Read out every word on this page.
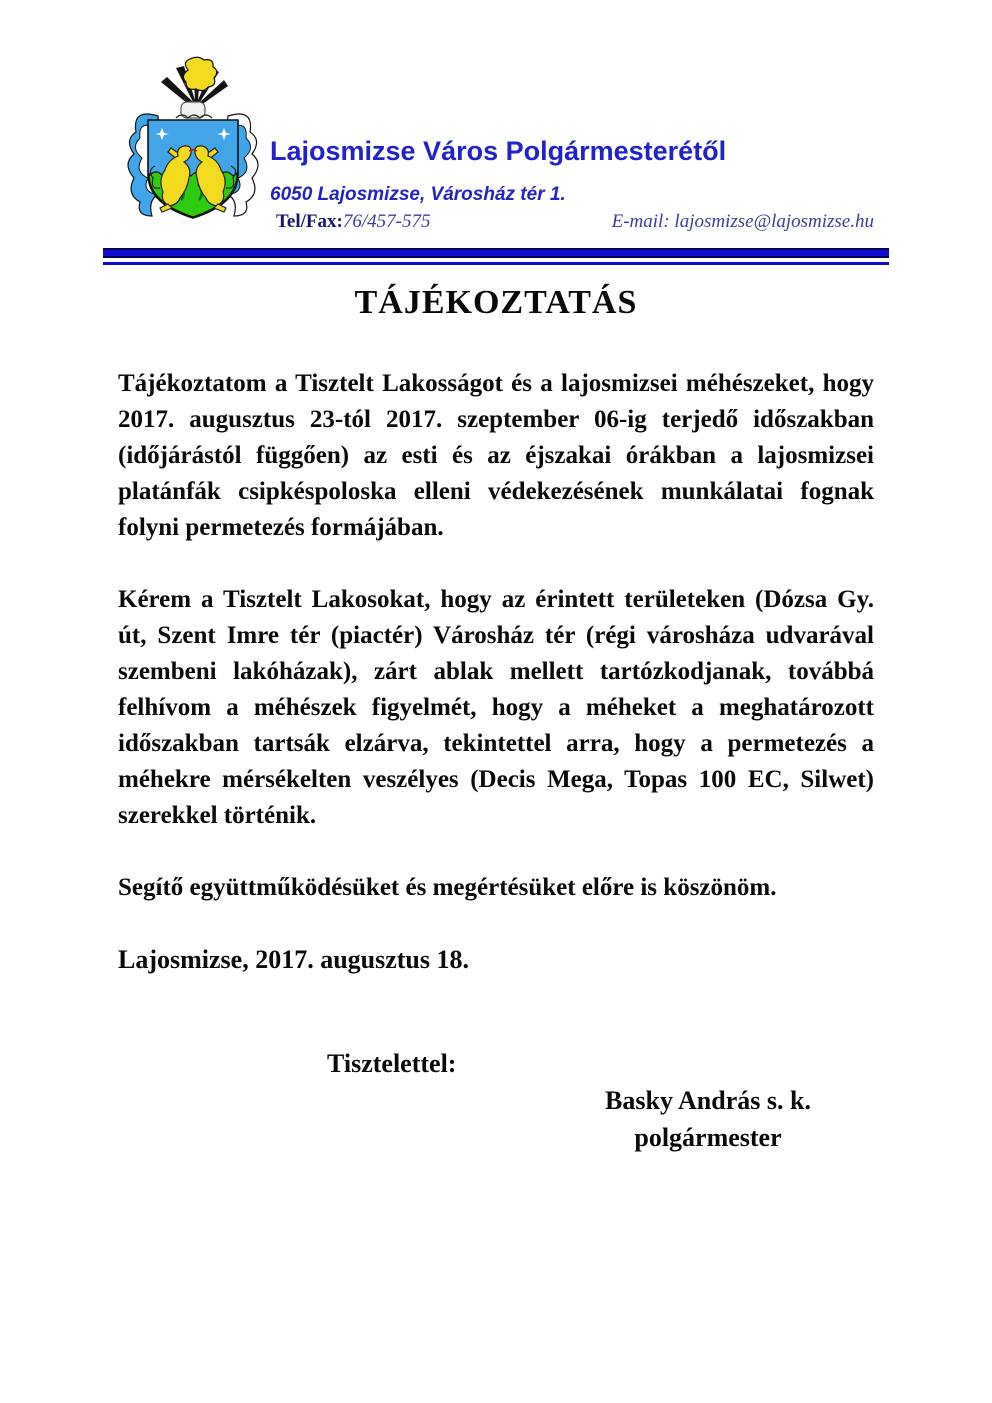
Lajosmizse Város Polgármesterétől
6050 Lajosmizse, Városház tér 1.
Tel/Fax:76/457-575	E-mail: lajosmizse@lajosmizse.hu
TÁJÉKOZTATÁS

Tájékoztatom a Tisztelt Lakosságot és a lajosmizsei méhészeket, hogy 2017. augusztus 23-tól 2017. szeptember 06-ig terjedő időszakban (időjárástól függően) az esti és az éjszakai órákban a lajosmizsei platánfák csipkéspoloska elleni védekezésének munkálatai fognak folyni permetezés formájában.

Kérem a Tisztelt Lakosokat, hogy az érintett területeken (Dózsa Gy. út, Szent Imre tér (piactér) Városház tér (régi városháza udvarával szembeni lakóházak), zárt ablak mellett tartózkodjanak, továbbá felhívom a méhészek figyelmét, hogy a méheket a meghatározott időszakban tartsák elzárva, tekintettel arra, hogy a permetezés a méhekre mérsékelten veszélyes (Decis Mega, Topas 100 EC, Silwet) szerekkel történik.

Segítő együttműködésüket és megértésüket előre is köszönöm.

Lajosmizse, 2017. augusztus 18.

Tisztelettel:
Basky András s. k.
polgármester
